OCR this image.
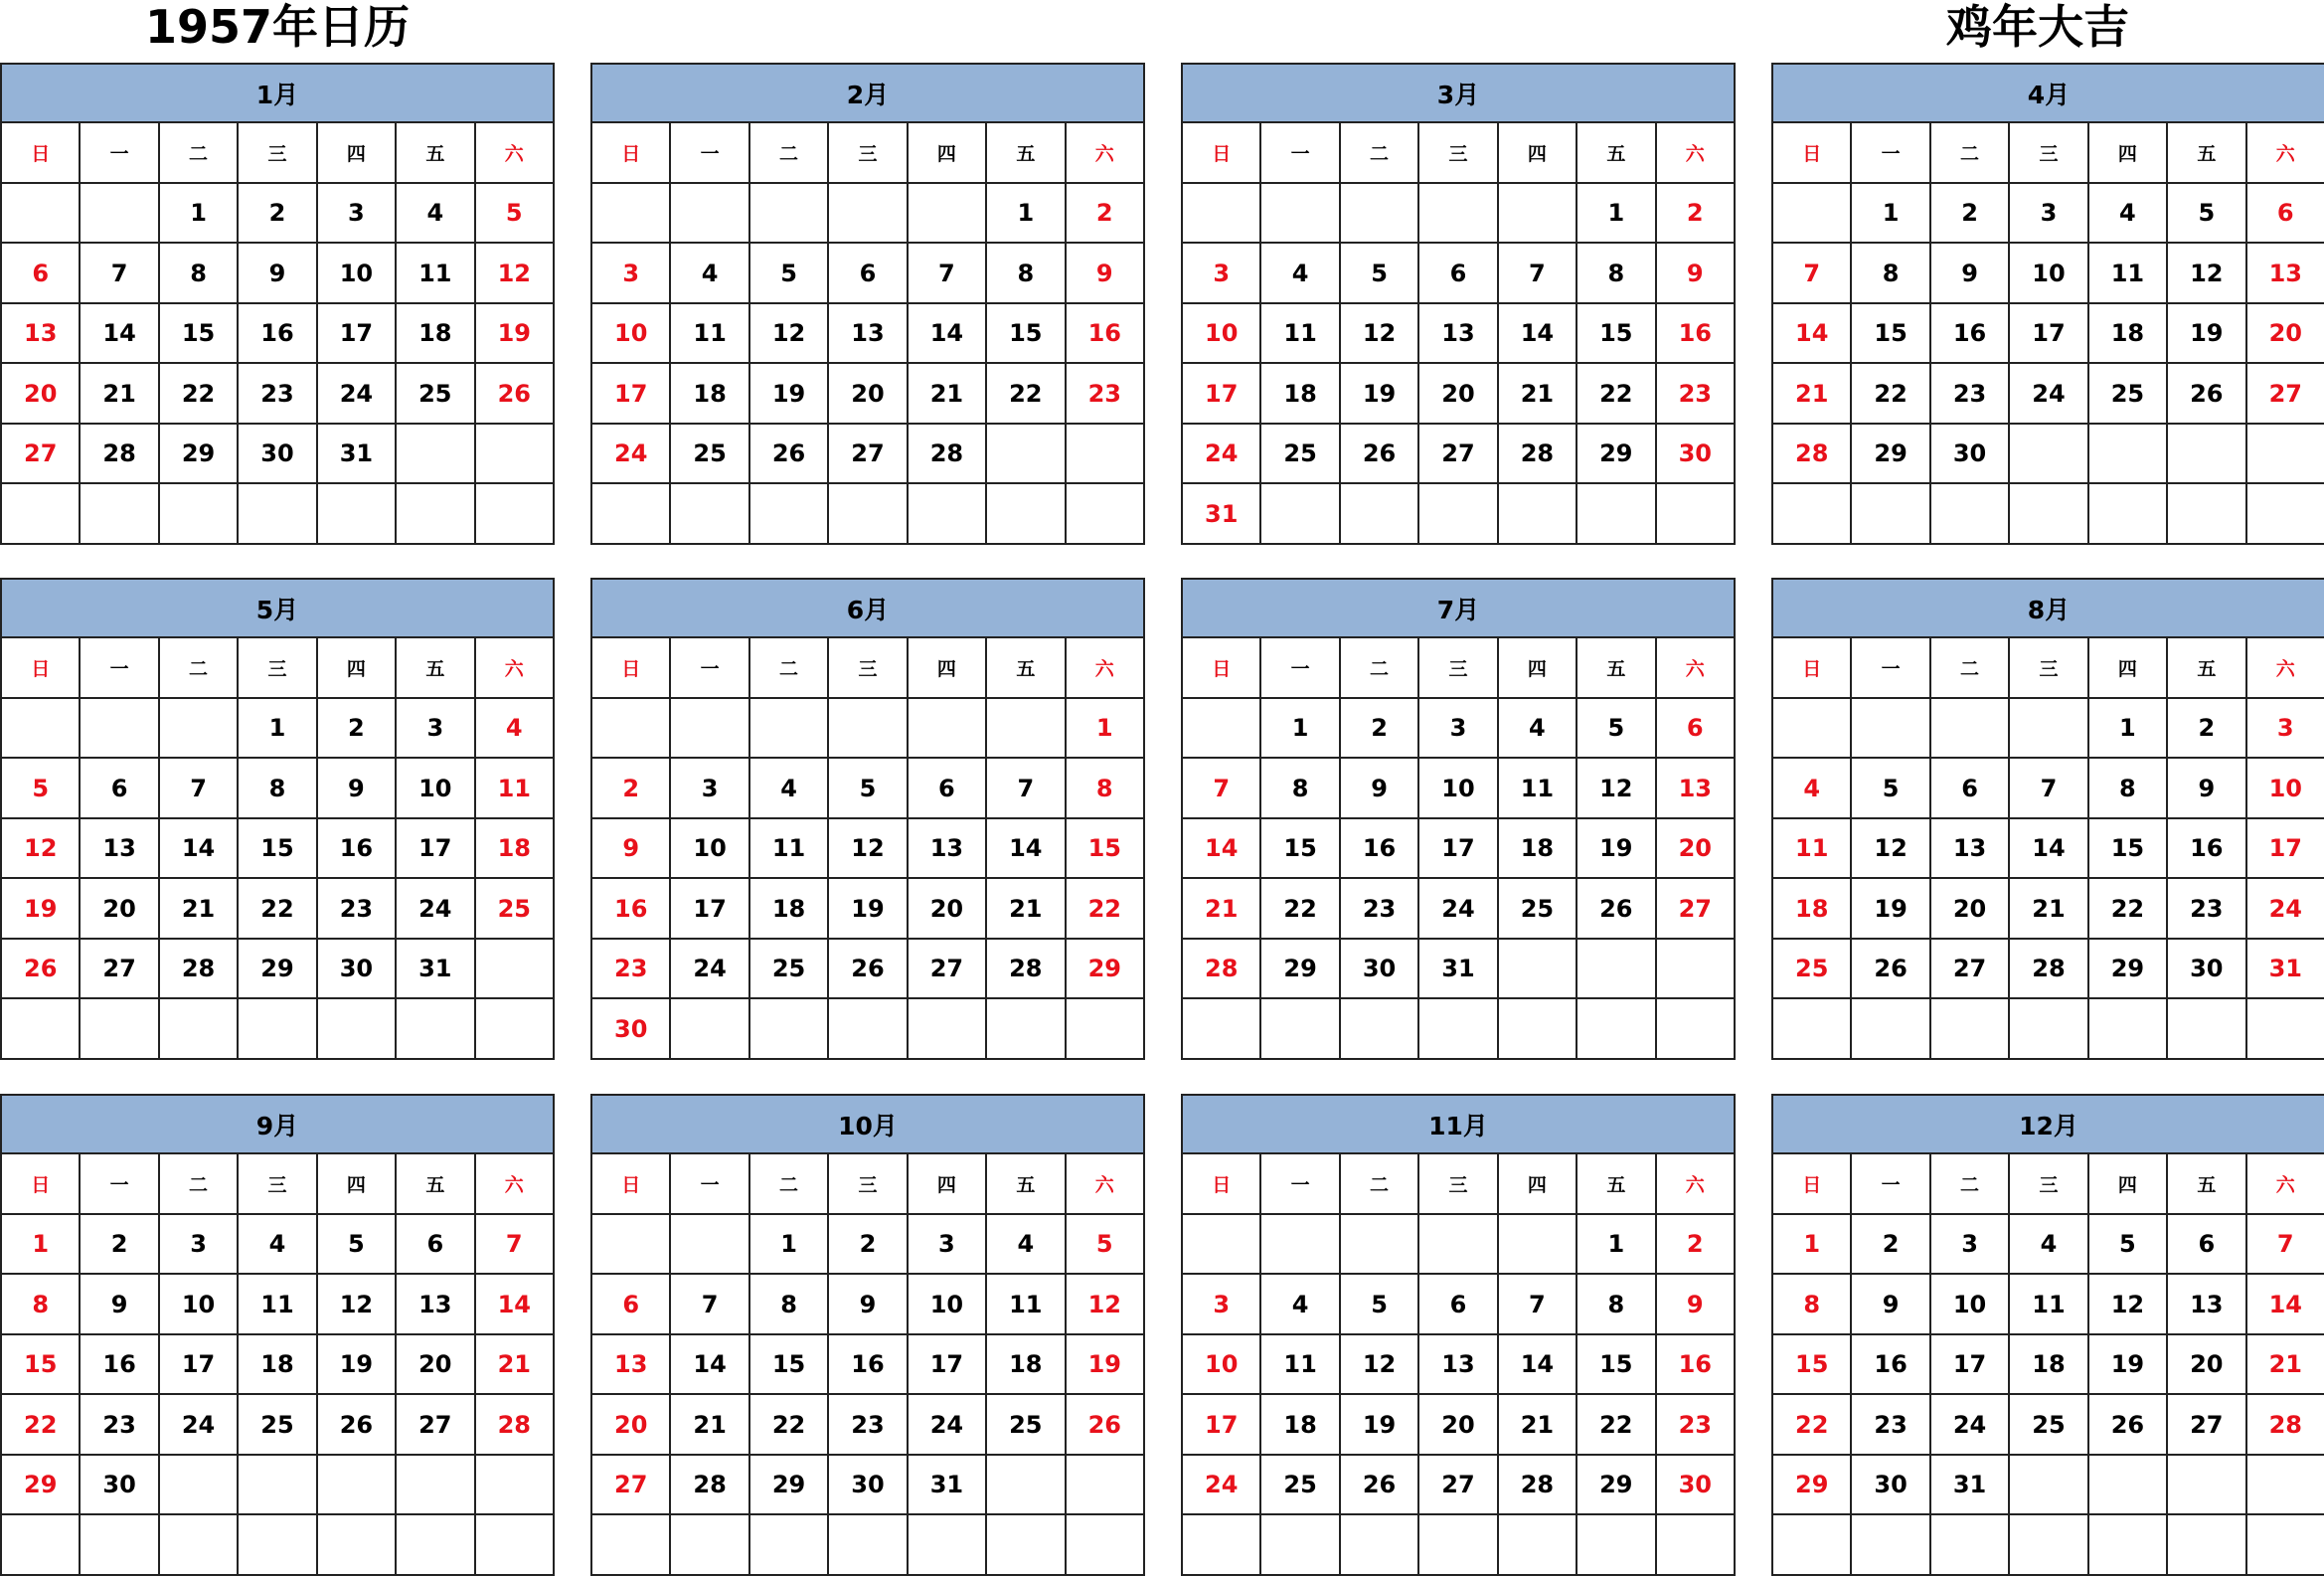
1957年日历	鸡年大吉
1月						
日	一	二	三	四	五	六
		1	2	3	4	5
6	7	8	9	10	11	12
13	14	15	16	17	18	19
20	21	22	23	24	25	26
27	28	29	30	31		

2月						
日	一	二	三	四	五	六
					1	2
3	4	5	6	7	8	9
10	11	12	13	14	15	16
17	18	19	20	21	22	23
24	25	26	27	28		

3月						
日	一	二	三	四	五	六
					1	2
3	4	5	6	7	8	9
10	11	12	13	14	15	16
17	18	19	20	21	22	23
24	25	26	27	28	29	30
31						
4月						
日	一	二	三	四	五	六
	1	2	3	4	5	6
7	8	9	10	11	12	13
14	15	16	17	18	19	20
21	22	23	24	25	26	27
28	29	30				

5月						
日	一	二	三	四	五	六
			1	2	3	4
5	6	7	8	9	10	11
12	13	14	15	16	17	18
19	20	21	22	23	24	25
26	27	28	29	30	31	

6月						
日	一	二	三	四	五	六
						1
2	3	4	5	6	7	8
9	10	11	12	13	14	15
16	17	18	19	20	21	22
23	24	25	26	27	28	29
30						
7月						
日	一	二	三	四	五	六
	1	2	3	4	5	6
7	8	9	10	11	12	13
14	15	16	17	18	19	20
21	22	23	24	25	26	27
28	29	30	31			

8月						
日	一	二	三	四	五	六
				1	2	3
4	5	6	7	8	9	10
11	12	13	14	15	16	17
18	19	20	21	22	23	24
25	26	27	28	29	30	31

9月						
日	一	二	三	四	五	六
1	2	3	4	5	6	7
8	9	10	11	12	13	14
15	16	17	18	19	20	21
22	23	24	25	26	27	28
29	30					

10月						
日	一	二	三	四	五	六
		1	2	3	4	5
6	7	8	9	10	11	12
13	14	15	16	17	18	19
20	21	22	23	24	25	26
27	28	29	30	31		

11月						
日	一	二	三	四	五	六
					1	2
3	4	5	6	7	8	9
10	11	12	13	14	15	16
17	18	19	20	21	22	23
24	25	26	27	28	29	30

12月						
日	一	二	三	四	五	六
1	2	3	4	5	6	7
8	9	10	11	12	13	14
15	16	17	18	19	20	21
22	23	24	25	26	27	28
29	30	31				
